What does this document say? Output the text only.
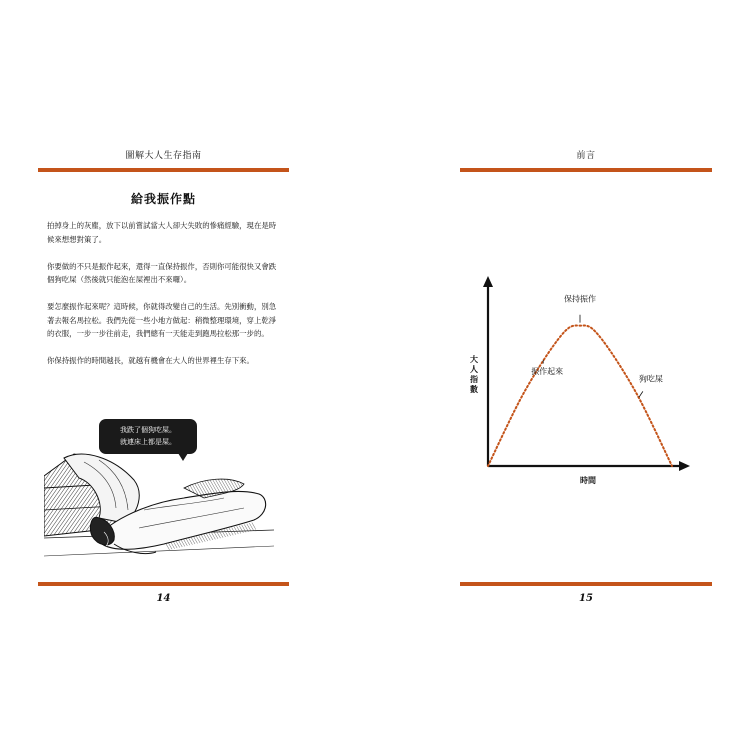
圖解大人生存指南
給我振作點

拍掉身上的灰塵，放下以前嘗試當大人卻大失敗的慘痛經驗，現在是時候來想想對策了。

你要做的不只是振作起來，還得一直保持振作，否則你可能很快又會跌個狗吃屎（然後就只能泡在屎裡出不來囉）。

要怎麼振作起來呢？這時候，你就得改變自己的生活。先別衝動，別急著去報名馬拉松。我們先從一些小地方做起：稍微整理環境，穿上乾淨的衣服，一步一步往前走，我們總有一天能走到跑馬拉松那一步的。

你保持振作的時間越長，就越有機會在大人的世界裡生存下來。

我跌了個狗吃屎。
就連床上都是屎。
14
前言
大人指數
時間
保持振作
振作起來
狗吃屎
15
